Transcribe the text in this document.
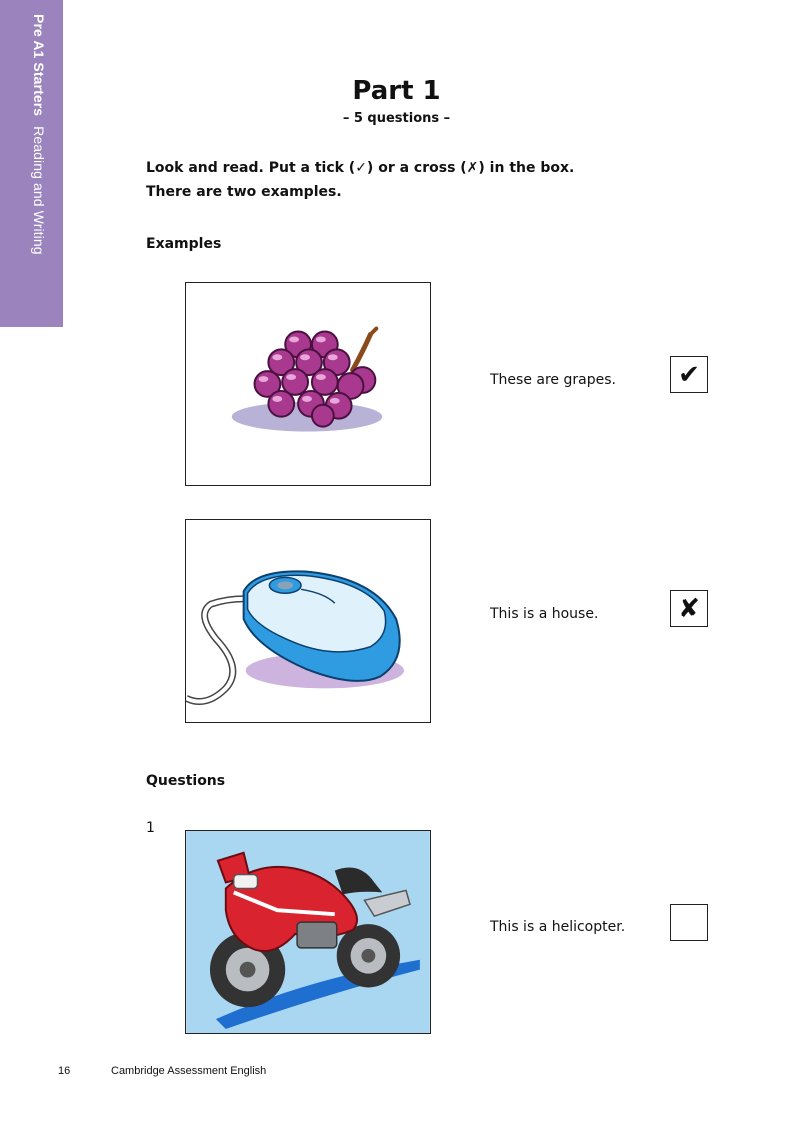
Pre A1 Starters Reading and Writing
Part 1
– 5 questions –
Look and read. Put a tick (✓) or a cross (✗) in the box.
There are two examples.
Examples
These are grapes.	✔
This is a house.	✘
Questions
1
This is a helicopter.
16	Cambridge Assessment English
